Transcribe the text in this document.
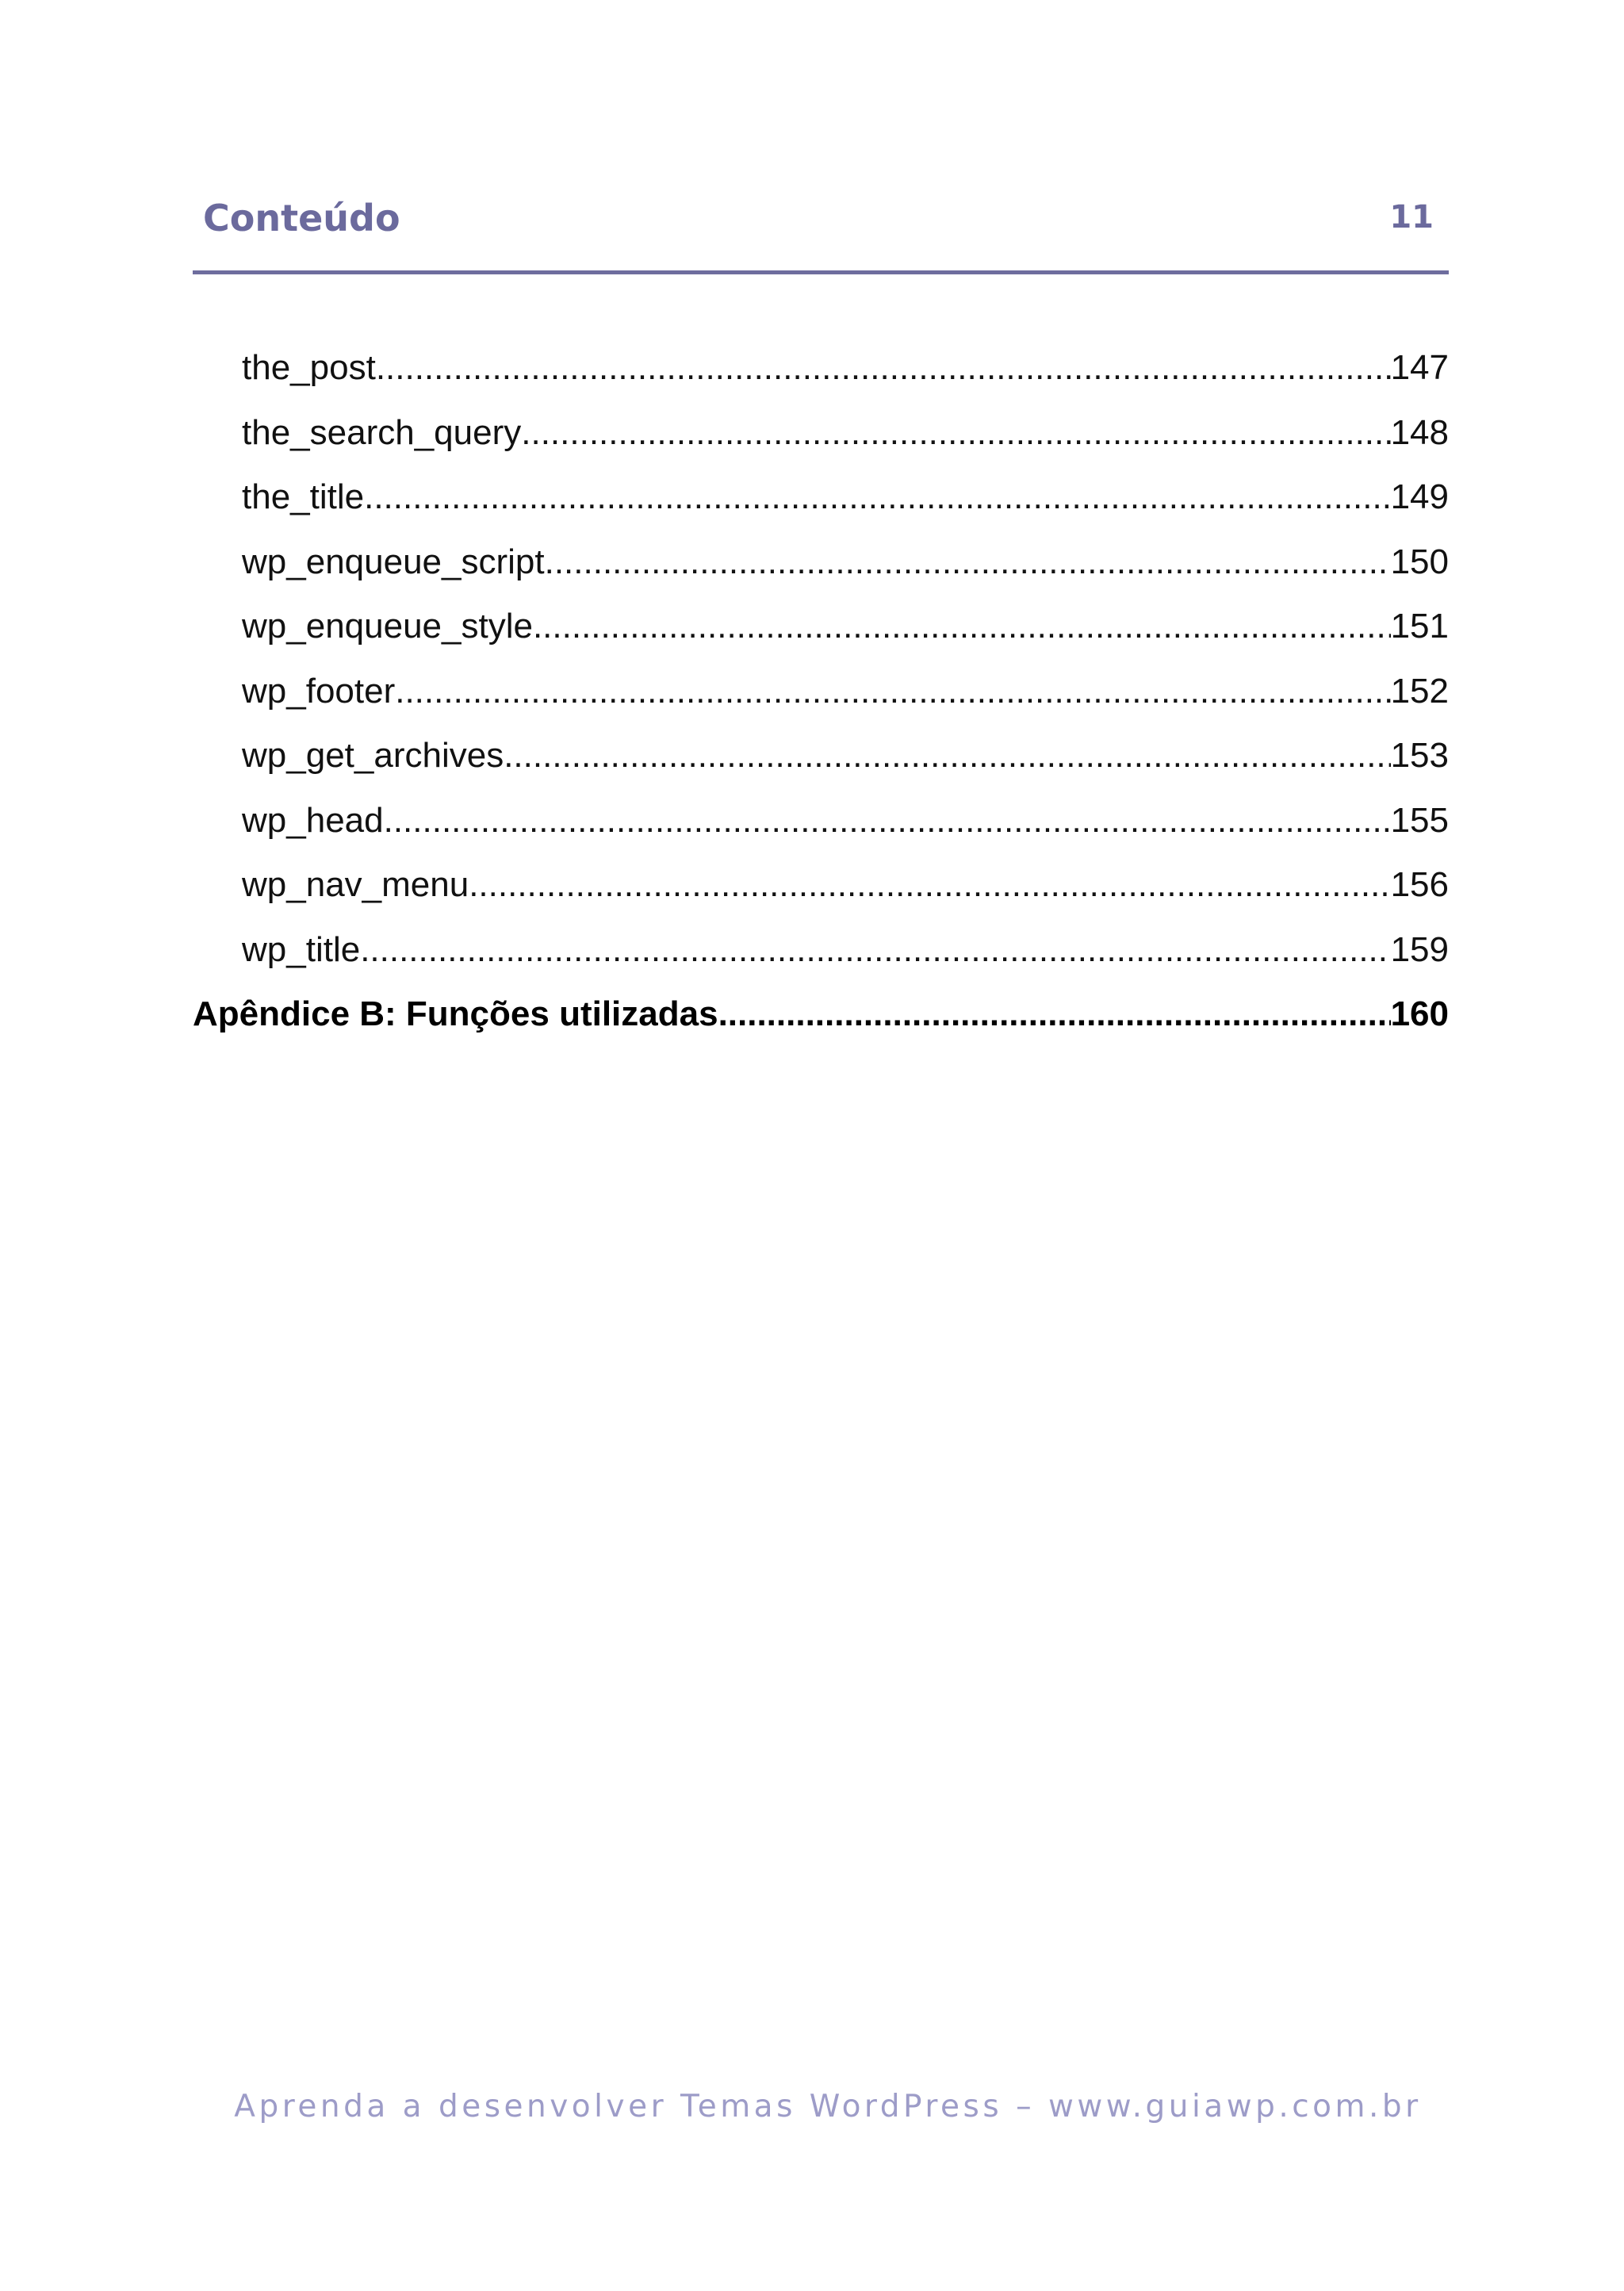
Conteúdo	11
the_post .....	147
the_search_query .....	148
the_title .....	149
wp_enqueue_script .....	150
wp_enqueue_style .....	151
wp_footer .....	152
wp_get_archives .....	153
wp_head .....	155
wp_nav_menu .....	156
wp_title .....	159
Apêndice B: Funções utilizadas .....	160
Aprenda a desenvolver Temas WordPress – www.guiawp.com.br
